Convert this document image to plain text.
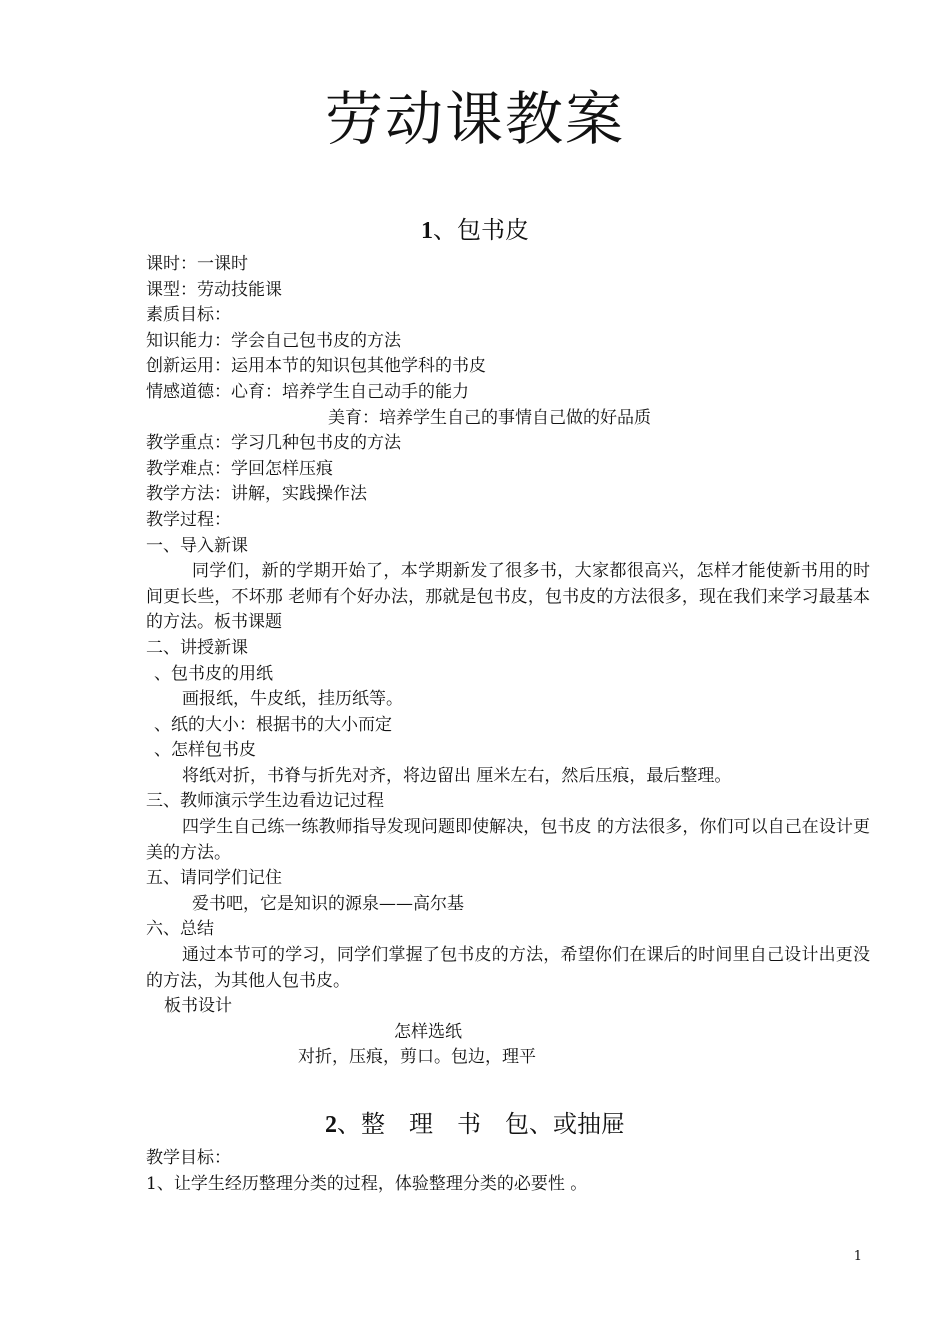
劳动课教案
1、包书皮
课时：一课时
课型：劳动技能课
素质目标：
知识能力：学会自己包书皮的方法
创新运用：运用本节的知识包其他学科的书皮
情感道德：心育：培养学生自己动手的能力
美育：培养学生自己的事情自己做的好品质
教学重点：学习几种包书皮的方法
教学难点：学回怎样压痕
教学方法：讲解，实践操作法
教学过程：
一、导入新课
同学们，新的学期开始了，本学期新发了很多书，大家都很高兴，怎样才能使新书用的时间更长些，不坏那 老师有个好办法，那就是包书皮，包书皮的方法很多，现在我们来学习最基本的方法。板书课题
二、讲授新课
、包书皮的用纸
画报纸，牛皮纸，挂历纸等。
、纸的大小：根据书的大小而定
、怎样包书皮
将纸对折，书脊与折先对齐，将边留出 厘米左右，然后压痕，最后整理。
三、教师演示学生边看边记过程
四学生自己练一练教师指导发现问题即使解决，包书皮 的方法很多，你们可以自己在设计更美的方法。
五、请同学们记住
爱书吧，它是知识的源泉——高尔基
六、总结
通过本节可的学习，同学们掌握了包书皮的方法，希望你们在课后的时间里自己设计出更没的方法，为其他人包书皮。
板书设计
怎样选纸
对折，压痕，剪口。包边，理平
2、整　理　书　包、或抽屉
教学目标：
1、让学生经历整理分类的过程，体验整理分类的必要性 。
1
